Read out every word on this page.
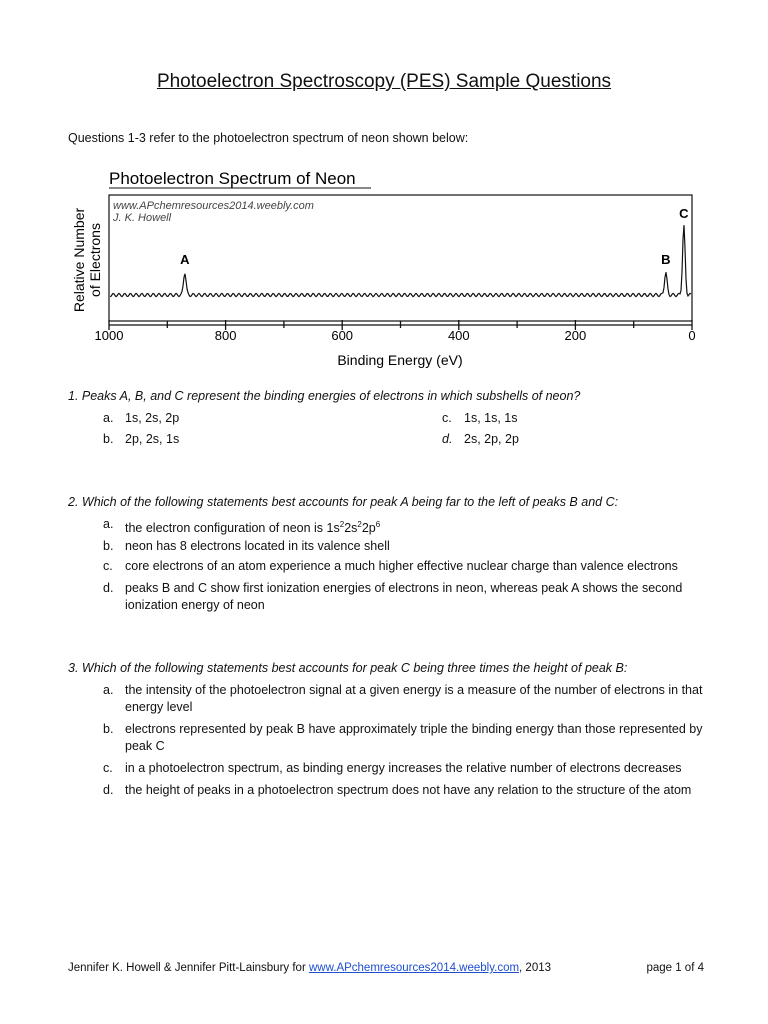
Photoelectron Spectroscopy (PES) Sample Questions
Questions 1-3 refer to the photoelectron spectrum of neon shown below:
Photoelectron Spectrum of Neon
www.APchemresources2014.weebly.com
J. K. Howell
Relative Number of Electrons	A	B
C
1000	800	600	400	200	0
Binding Energy (eV)
1. Peaks A, B, and C represent the binding energies of electrons in which subshells of neon?
a. 1s, 2s, 2p
b. 2p, 2s, 1s
c. 1s, 1s, 1s
d. 2s, 2p, 2p
2. Which of the following statements best accounts for peak A being far to the left of peaks B and C:
a. the electron configuration of neon is $1s^22s^22p^6$
b. neon has 8 electrons located in its valence shell
c. core electrons of an atom experience a much higher effective nuclear charge than valence electrons
d. peaks B and C show first ionization energies of electrons in neon, whereas peak A shows the second ionization energy of neon
3. Which of the following statements best accounts for peak C being three times the height of peak B:
a. the intensity of the photoelectron signal at a given energy is a measure of the number of electrons in that energy level
b. electrons represented by peak B have approximately triple the binding energy than those represented by peak C
c. in a photoelectron spectrum, as binding energy increases the relative number of electrons decreases
d. the height of peaks in a photoelectron spectrum does not have any relation to the structure of the atom
Jennifer K. Howell & Jennifer Pitt-Lainsbury for www.APchemresources2014.weebly.com, 2013	page 1 of 4
